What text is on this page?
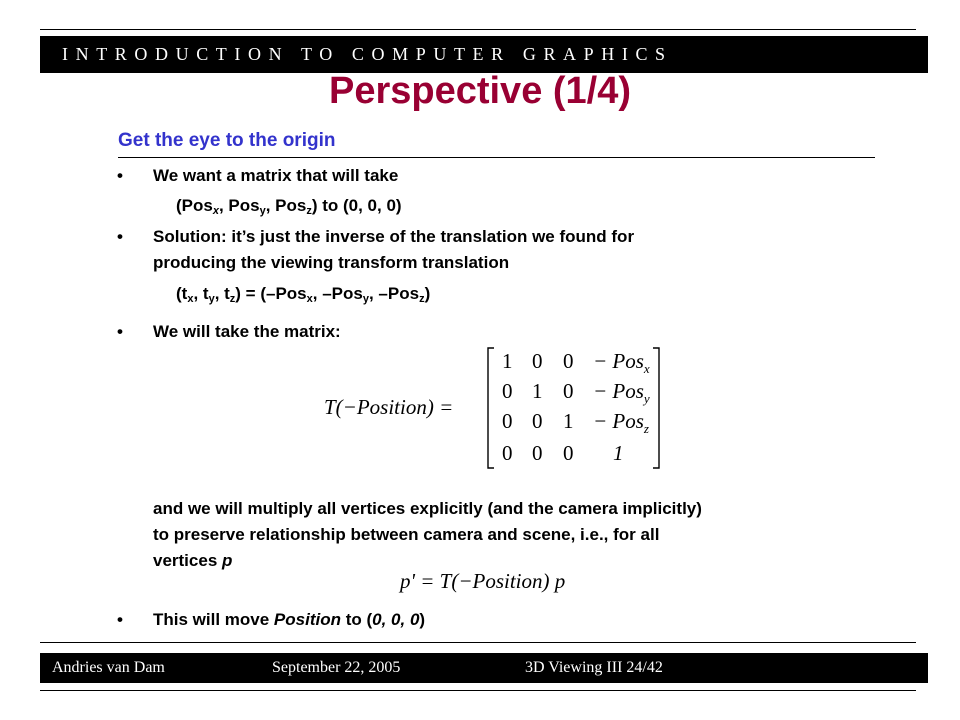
INTRODUCTION TO COMPUTER GRAPHICS
Perspective (1/4)
Get the eye to the origin
• We want a matrix that will take
(Pos$_x$, Pos$_y$, Pos$_z$) to (0, 0, 0)
• Solution: it’s just the inverse of the translation we found for
producing the viewing transform translation
($t_x$, $t_y$, $t_z) = (-Pos_x$, –Pos$_y$, –Pos$_z$)
• We will take the matrix:
T(−Position) =
1 0 0 − Pos$_x$
0 1 0 − Pos$_y$
0 0 1 − Pos$_z$
0 0 0 1
and we will multiply all vertices explicitly (and the camera implicitly)
to preserve relationship between camera and scene, i.e., for all
vertices p
p' = T(−Position) p
• This will move Position to (0, 0, 0)
Andries van Dam	September 22, 2005	3D Viewing III 24/42
